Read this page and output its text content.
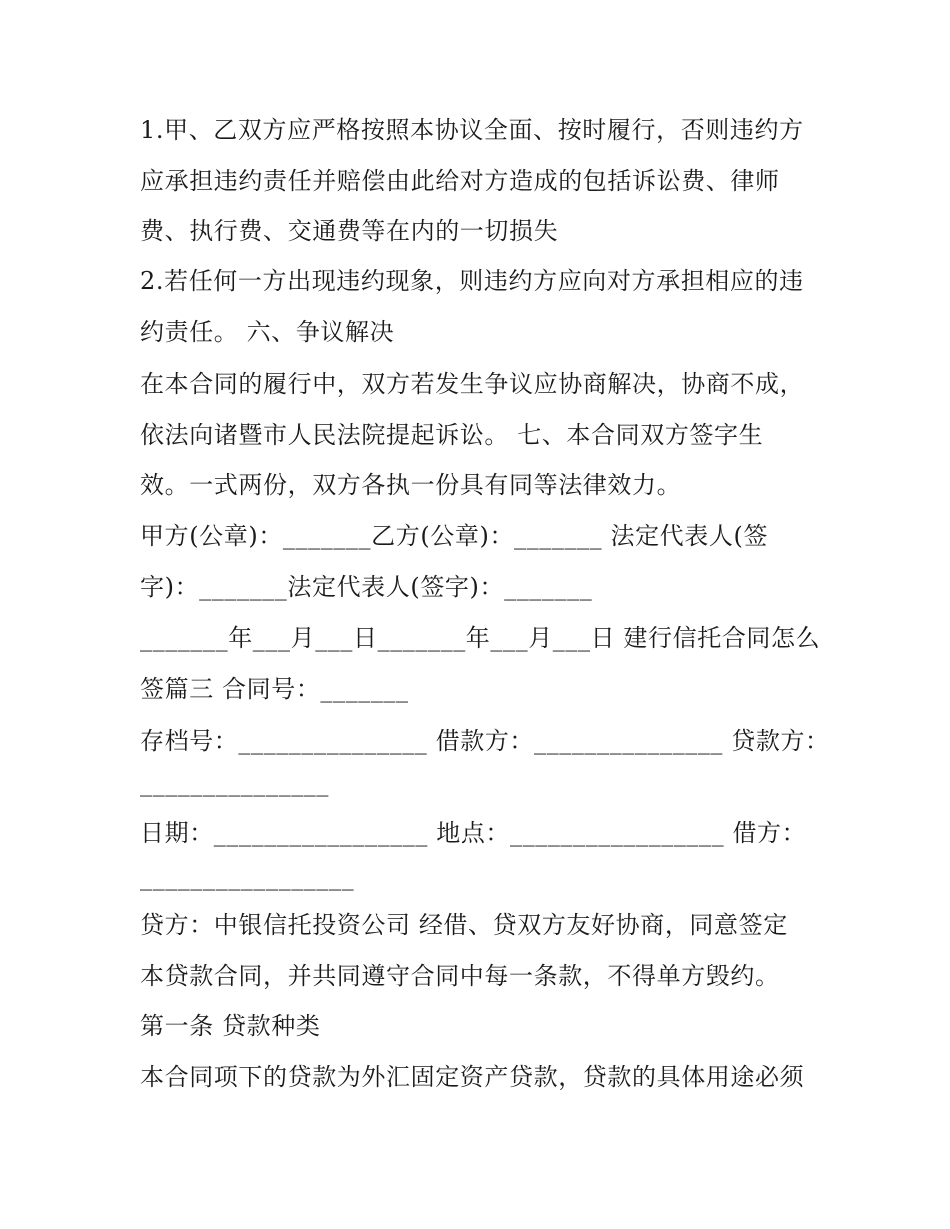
1.甲、乙双方应严格按照本协议全面、按时履行，否则违约方

应承担违约责任并赔偿由此给对方造成的包括诉讼费、律师

费、执行费、交通费等在内的一切损失

2.若任何一方出现违约现象，则违约方应向对方承担相应的违

约责任。 六、争议解决

在本合同的履行中，双方若发生争议应协商解决，协商不成，

依法向诸暨市人民法院提起诉讼。 七、本合同双方签字生

效。一式两份，双方各执一份具有同等法律效力。

甲方(公章)：_______乙方(公章)：_______ 法定代表人(签

字)：_______法定代表人(签字)：_______

_______年___月___日_______年___月___日 建行信托合同怎么

签篇三 合同号：_______

存档号：_______________ 借款方：_______________ 贷款方：

_______________

日期：_________________ 地点：_________________ 借方：

_________________

贷方：中银信托投资公司 经借、贷双方友好协商，同意签定

本贷款合同，并共同遵守合同中每一条款，不得单方毁约。

第一条 贷款种类

本合同项下的贷款为外汇固定资产贷款，贷款的具体用途必须
